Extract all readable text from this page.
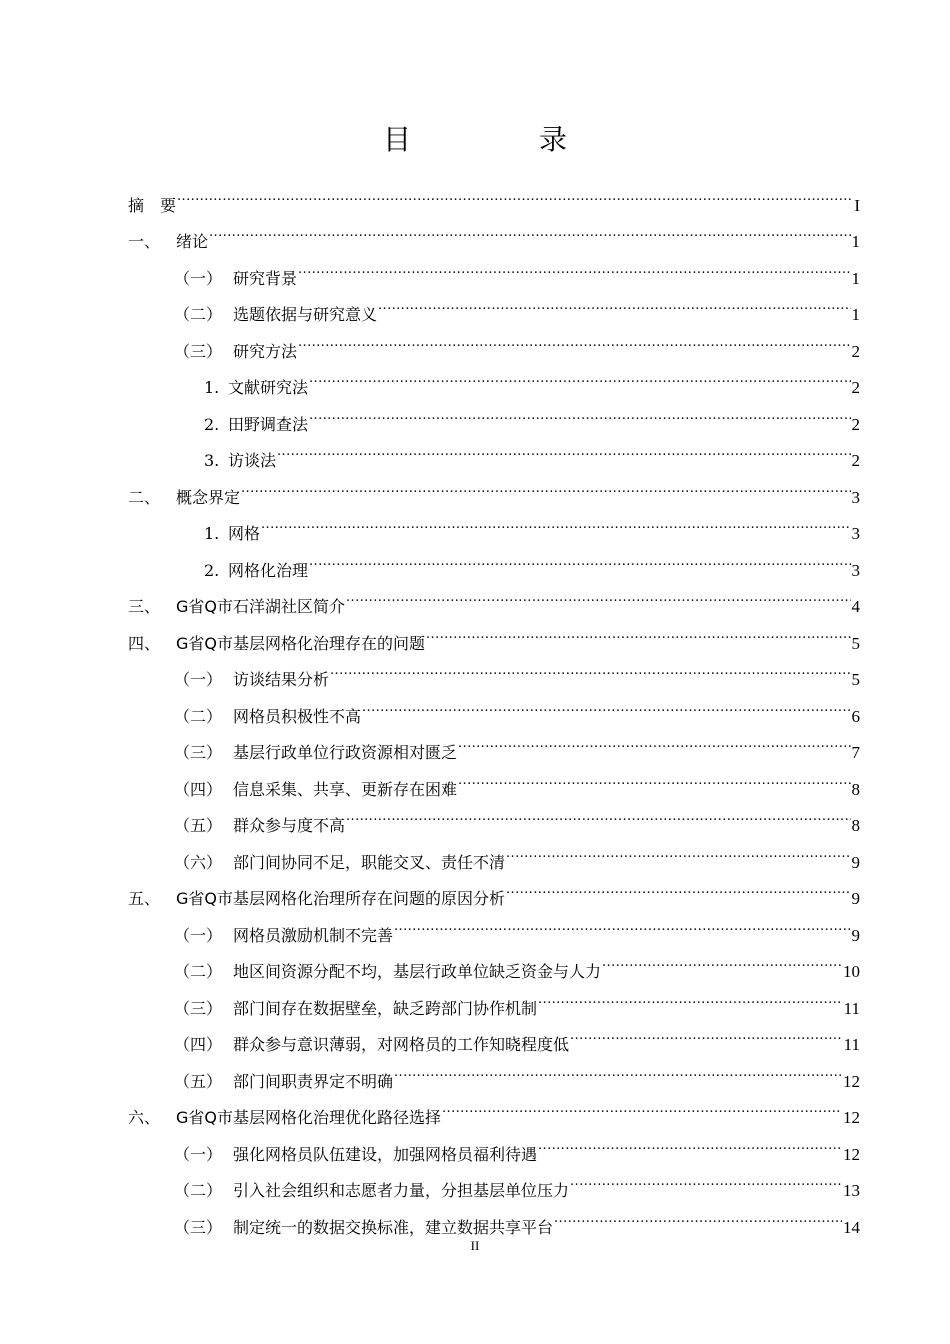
目　录
摘　要 .....	I
一、 绪论 .....	1
（一） 研究背景 .....	1
（二） 选题依据与研究意义 .....	1
（三） 研究方法 .....	2
1. 文献研究法 .....	2
2. 田野调查法 .....	2
3. 访谈法 .....	2
二、 概念界定 .....	3
1. 网格 .....	3
2. 网格化治理 .....	3
三、 G省Q市石洋湖社区简介 .....	4
四、 G省Q市基层网格化治理存在的问题 .....	5
（一） 访谈结果分析 .....	5
（二） 网格员积极性不高 .....	6
（三） 基层行政单位行政资源相对匮乏 .....	7
（四） 信息采集、共享、更新存在困难 .....	8
（五） 群众参与度不高 .....	8
（六） 部门间协同不足，职能交叉、责任不清 .....	9
五、 G省Q市基层网格化治理所存在问题的原因分析 .....	9
（一） 网格员激励机制不完善 .....	9
（二） 地区间资源分配不均，基层行政单位缺乏资金与人力 .....	10
（三） 部门间存在数据壁垒，缺乏跨部门协作机制 .....	11
（四） 群众参与意识薄弱，对网格员的工作知晓程度低 .....	11
（五） 部门间职责界定不明确 .....	12
六、 G省Q市基层网格化治理优化路径选择 .....	12
（一） 强化网格员队伍建设，加强网格员福利待遇 .....	12
（二） 引入社会组织和志愿者力量，分担基层单位压力 .....	13
（三） 制定统一的数据交换标准，建立数据共享平台 .....	14
II
